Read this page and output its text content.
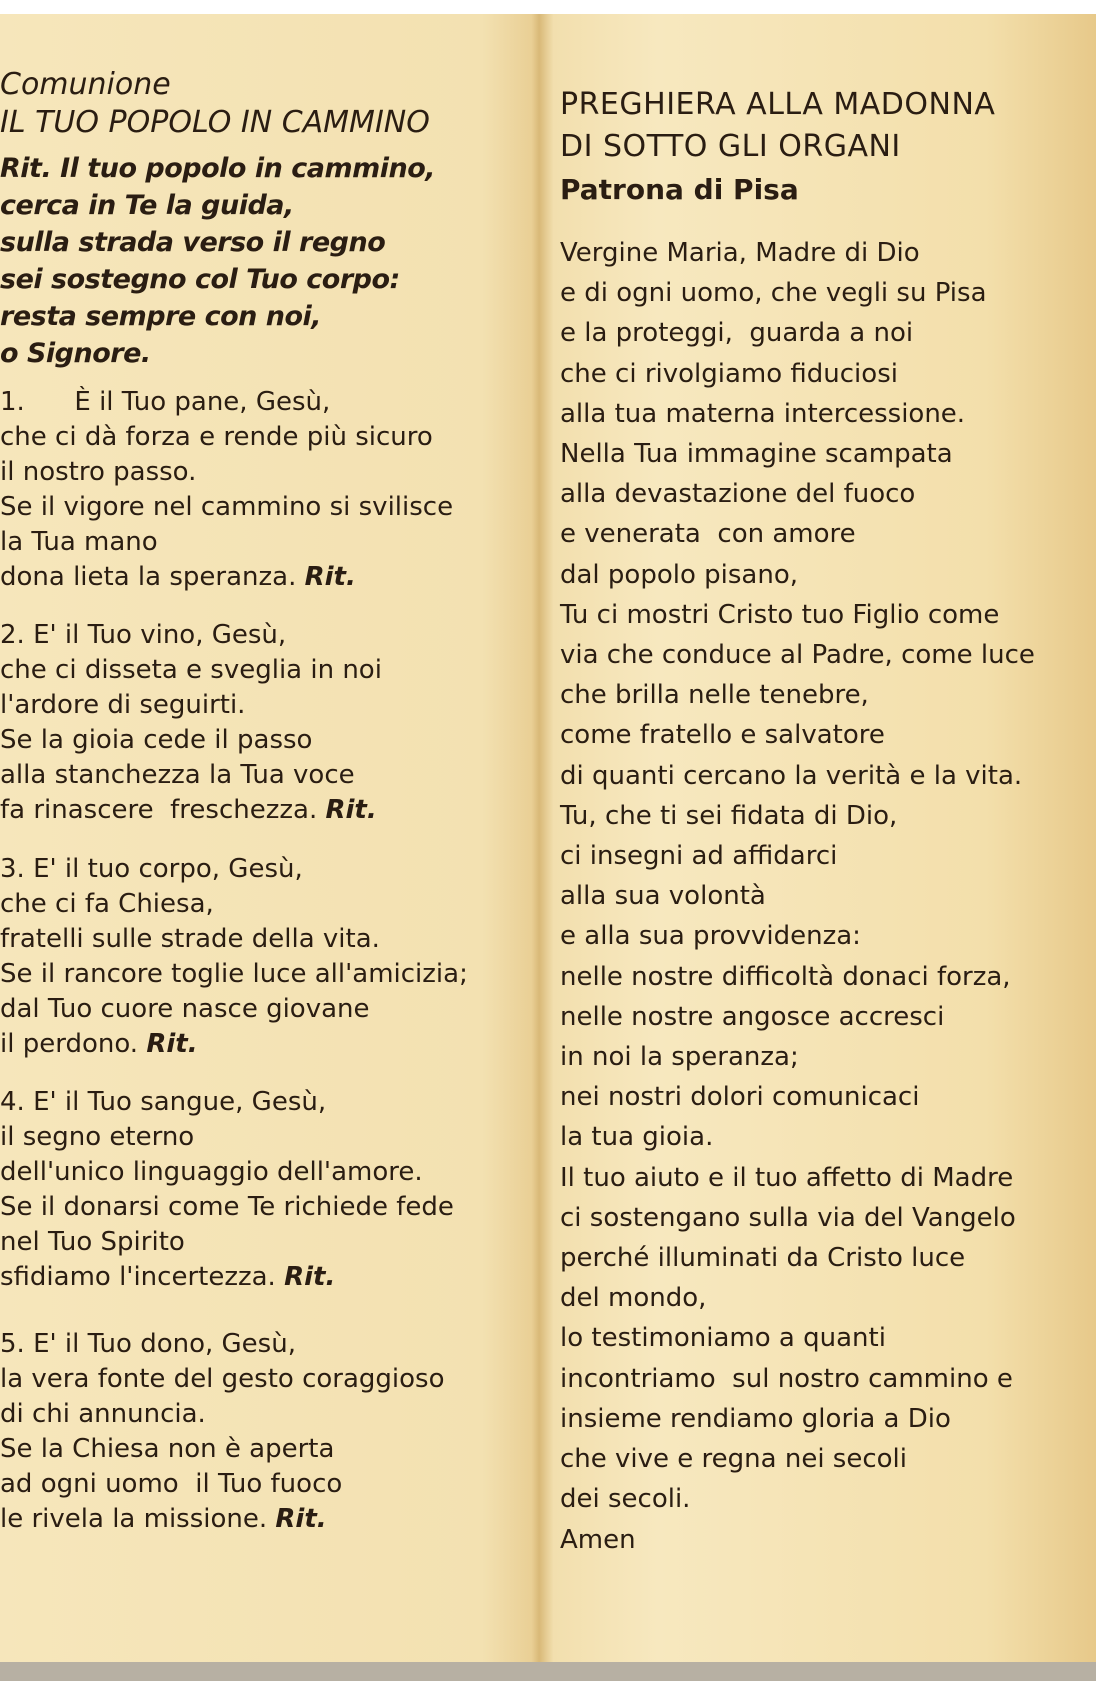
Comunione
IL TUO POPOLO IN CAMMINO
Rit. Il tuo popolo in cammino,
cerca in Te la guida,
sulla strada verso il regno
sei sostegno col Tuo corpo:
resta sempre con noi,
o Signore.
1.      È il Tuo pane, Gesù,
che ci dà forza e rende più sicuro
il nostro passo.
Se il vigore nel cammino si svilisce
la Tua mano
dona lieta la speranza. Rit.
2. E' il Tuo vino, Gesù,
che ci disseta e sveglia in noi
l'ardore di seguirti.
Se la gioia cede il passo
alla stanchezza la Tua voce
fa rinascere  freschezza. Rit.
3. E' il tuo corpo, Gesù,
che ci fa Chiesa,
fratelli sulle strade della vita.
Se il rancore toglie luce all'amicizia;
dal Tuo cuore nasce giovane
il perdono. Rit.
4. E' il Tuo sangue, Gesù,
il segno eterno
dell'unico linguaggio dell'amore.
Se il donarsi come Te richiede fede
nel Tuo Spirito
sfidiamo l'incertezza. Rit.
5. E' il Tuo dono, Gesù,
la vera fonte del gesto coraggioso
di chi annuncia.
Se la Chiesa non è aperta
ad ogni uomo  il Tuo fuoco
le rivela la missione. Rit.
PREGHIERA ALLA MADONNA
DI SOTTO GLI ORGANI
Patrona di Pisa
Vergine Maria, Madre di Dio
e di ogni uomo, che vegli su Pisa
e la proteggi,  guarda a noi
che ci rivolgiamo fiduciosi
alla tua materna intercessione.
Nella Tua immagine scampata
alla devastazione del fuoco
e venerata  con amore
dal popolo pisano,
Tu ci mostri Cristo tuo Figlio come
via che conduce al Padre, come luce
che brilla nelle tenebre,
come fratello e salvatore
di quanti cercano la verità e la vita.
Tu, che ti sei fidata di Dio,
ci insegni ad affidarci
alla sua volontà
e alla sua provvidenza:
nelle nostre difficoltà donaci forza,
nelle nostre angosce accresci
in noi la speranza;
nei nostri dolori comunicaci
la tua gioia.
Il tuo aiuto e il tuo affetto di Madre
ci sostengano sulla via del Vangelo
perché illuminati da Cristo luce
del mondo,
lo testimoniamo a quanti
incontriamo  sul nostro cammino e
insieme rendiamo gloria a Dio
che vive e regna nei secoli
dei secoli.
Amen
